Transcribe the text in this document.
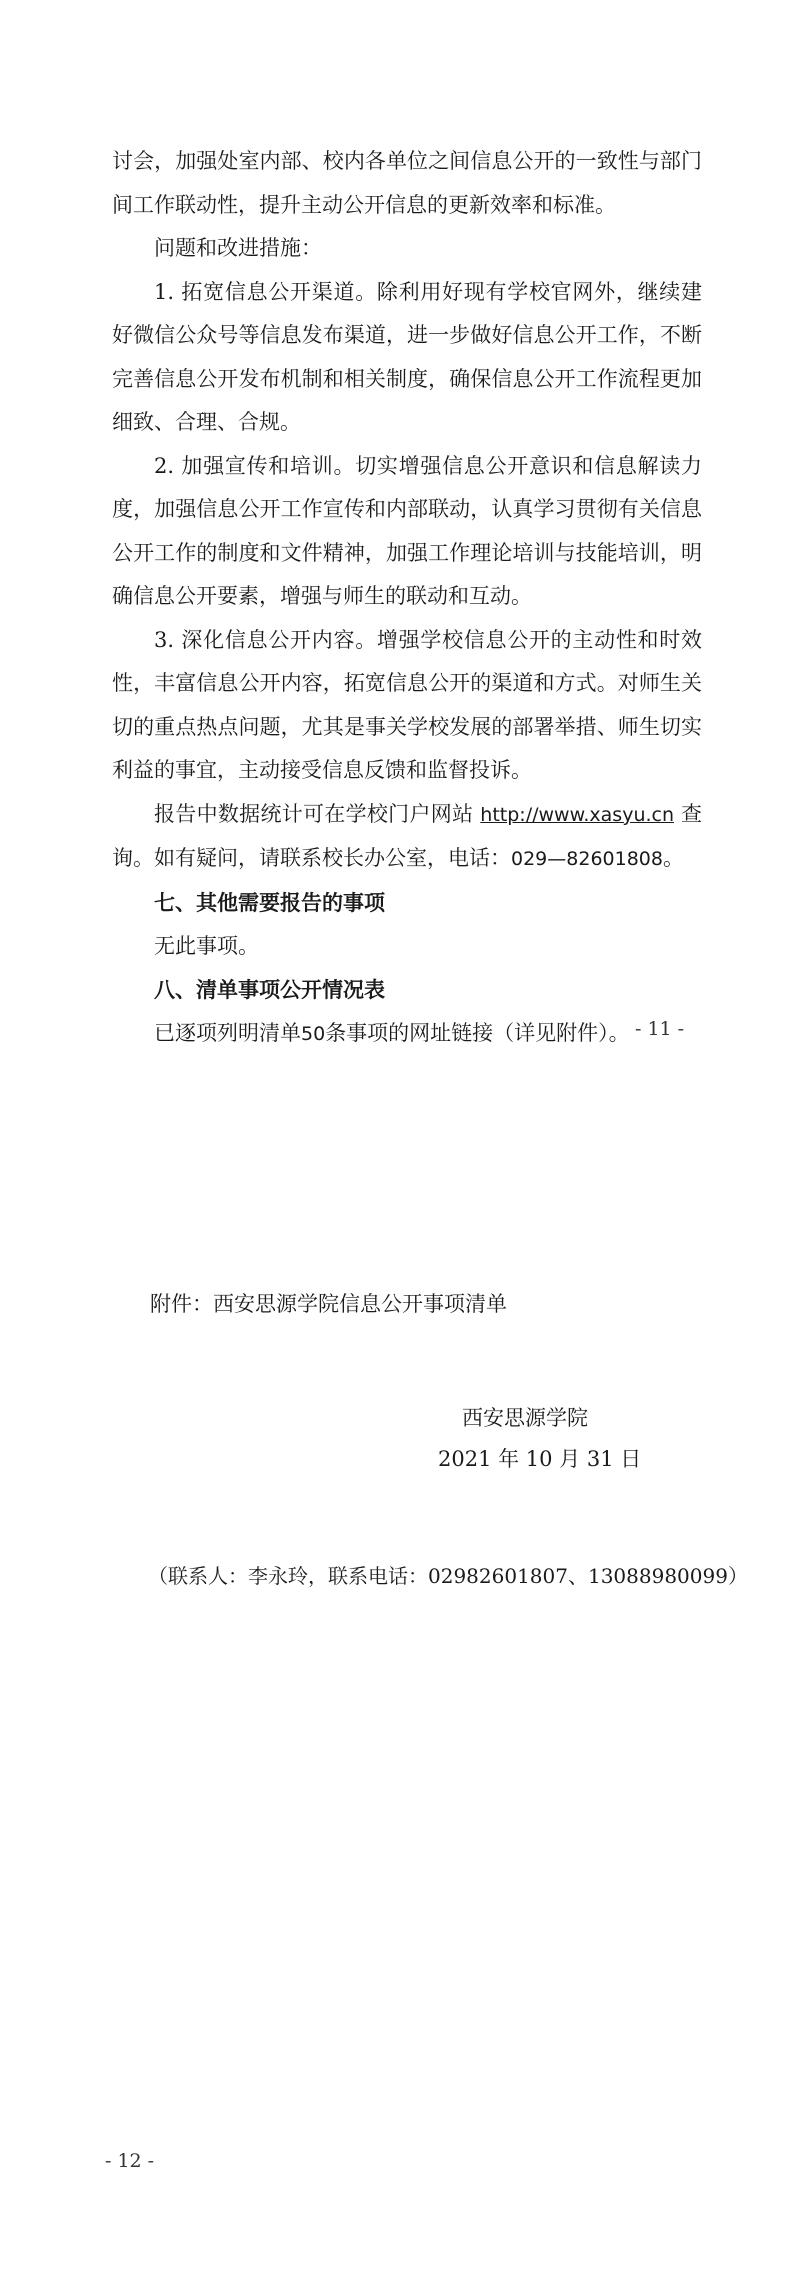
讨会，加强处室内部、校内各单位之间信息公开的一致性与部门间工作联动性，提升主动公开信息的更新效率和标准。

问题和改进措施：

1. 拓宽信息公开渠道。除利用好现有学校官网外，继续建好微信公众号等信息发布渠道，进一步做好信息公开工作，不断完善信息公开发布机制和相关制度，确保信息公开工作流程更加细致、合理、合规。

2. 加强宣传和培训。切实增强信息公开意识和信息解读力度，加强信息公开工作宣传和内部联动，认真学习贯彻有关信息公开工作的制度和文件精神，加强工作理论培训与技能培训，明确信息公开要素，增强与师生的联动和互动。

3. 深化信息公开内容。增强学校信息公开的主动性和时效性，丰富信息公开内容，拓宽信息公开的渠道和方式。对师生关切的重点热点问题，尤其是事关学校发展的部署举措、师生切实利益的事宜，主动接受信息反馈和监督投诉。

报告中数据统计可在学校门户网站 http://www.xasyu.cn 查询。如有疑问，请联系校长办公室，电话：029—82601808。

七、其他需要报告的事项

无此事项。

八、清单事项公开情况表

已逐项列明清单50条事项的网址链接（详见附件）。 - 11 -
附件：西安思源学院信息公开事项清单
西安思源学院
2021 年 10 月 31 日
（联系人：李永玲，联系电话：02982601807、13088980099）
- 12 -
